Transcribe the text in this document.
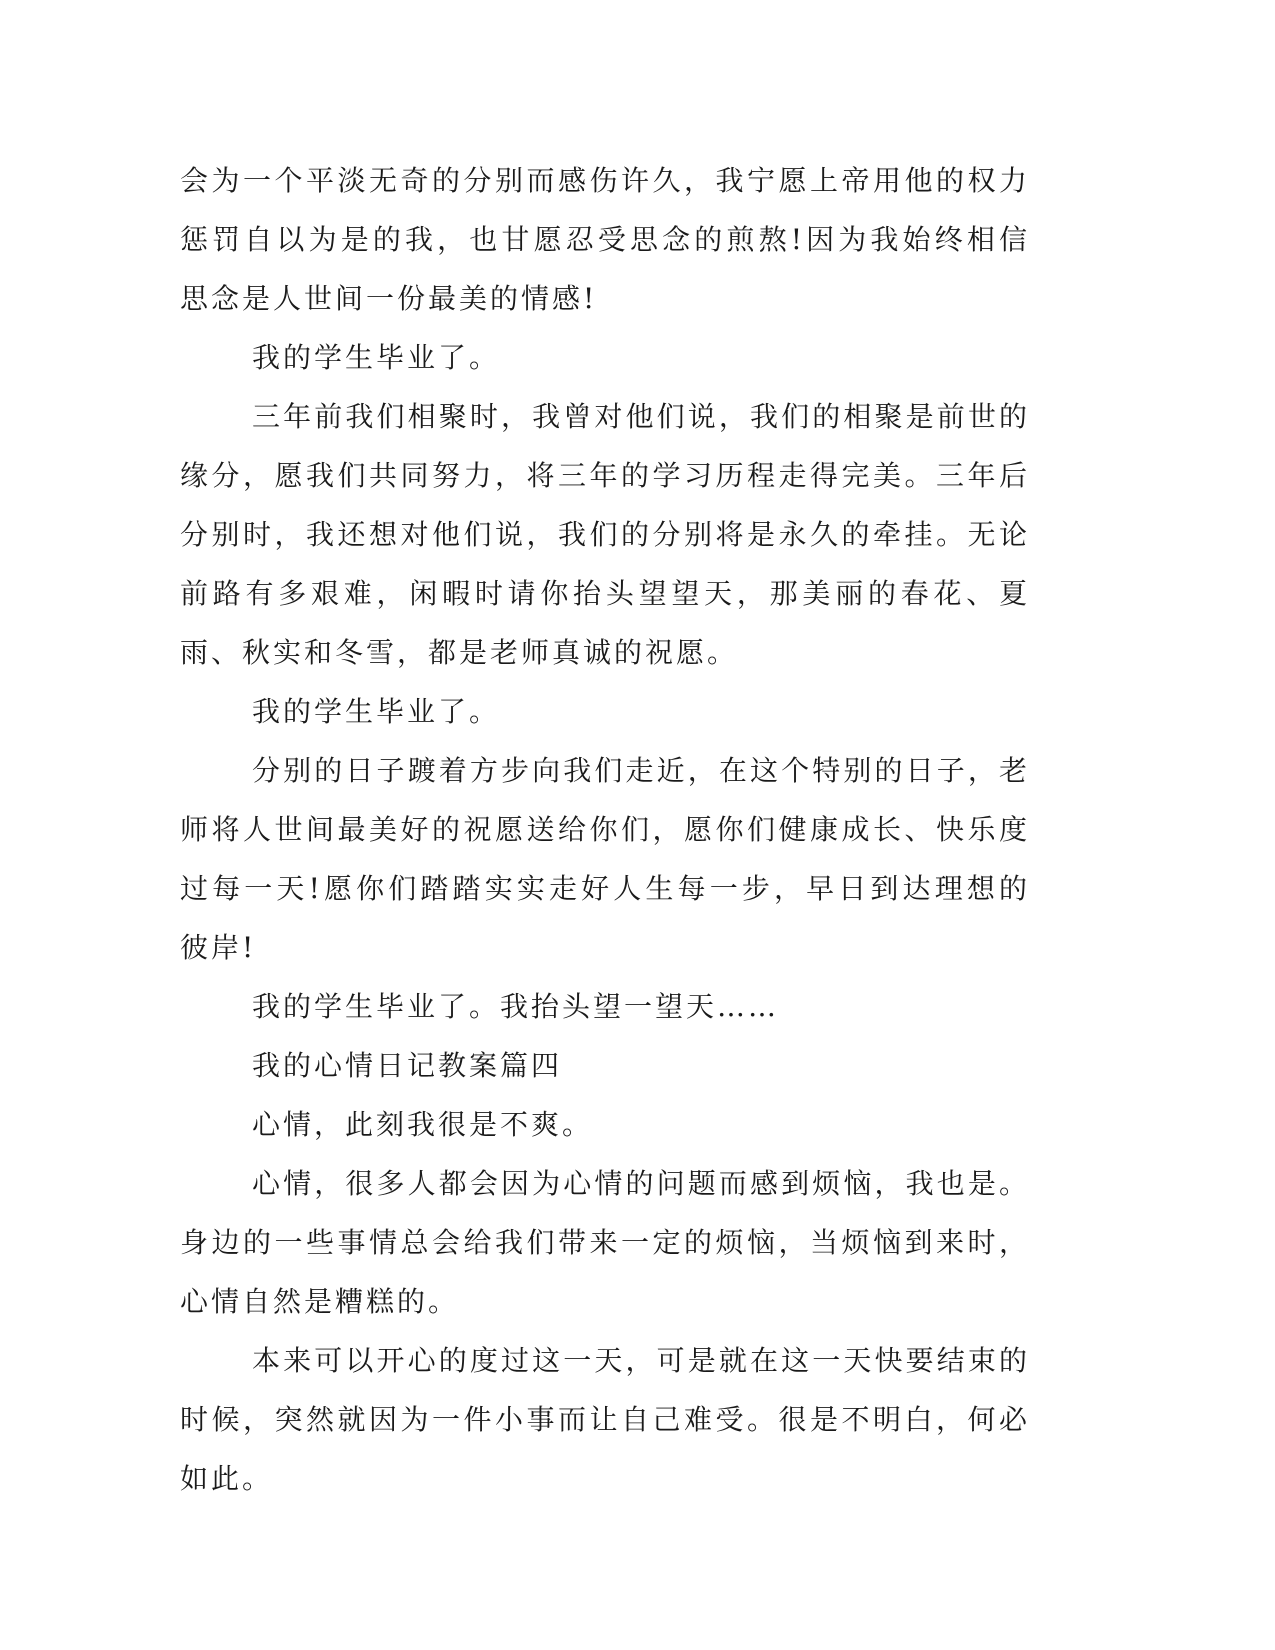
会为一个平淡无奇的分别而感伤许久，我宁愿上帝用他的权力惩罚自以为是的我，也甘愿忍受思念的煎熬!因为我始终相信思念是人世间一份最美的情感!

我的学生毕业了。

三年前我们相聚时，我曾对他们说，我们的相聚是前世的缘分，愿我们共同努力，将三年的学习历程走得完美。三年后分别时，我还想对他们说，我们的分别将是永久的牵挂。无论前路有多艰难，闲暇时请你抬头望望天，那美丽的春花、夏雨、秋实和冬雪，都是老师真诚的祝愿。

我的学生毕业了。

分别的日子踱着方步向我们走近，在这个特别的日子，老师将人世间最美好的祝愿送给你们，愿你们健康成长、快乐度过每一天!愿你们踏踏实实走好人生每一步，早日到达理想的彼岸!

我的学生毕业了。我抬头望一望天……

我的心情日记教案篇四

心情，此刻我很是不爽。

心情，很多人都会因为心情的问题而感到烦恼，我也是。身边的一些事情总会给我们带来一定的烦恼，当烦恼到来时，心情自然是糟糕的。

本来可以开心的度过这一天，可是就在这一天快要结束的时候，突然就因为一件小事而让自己难受。很是不明白，何必如此。
